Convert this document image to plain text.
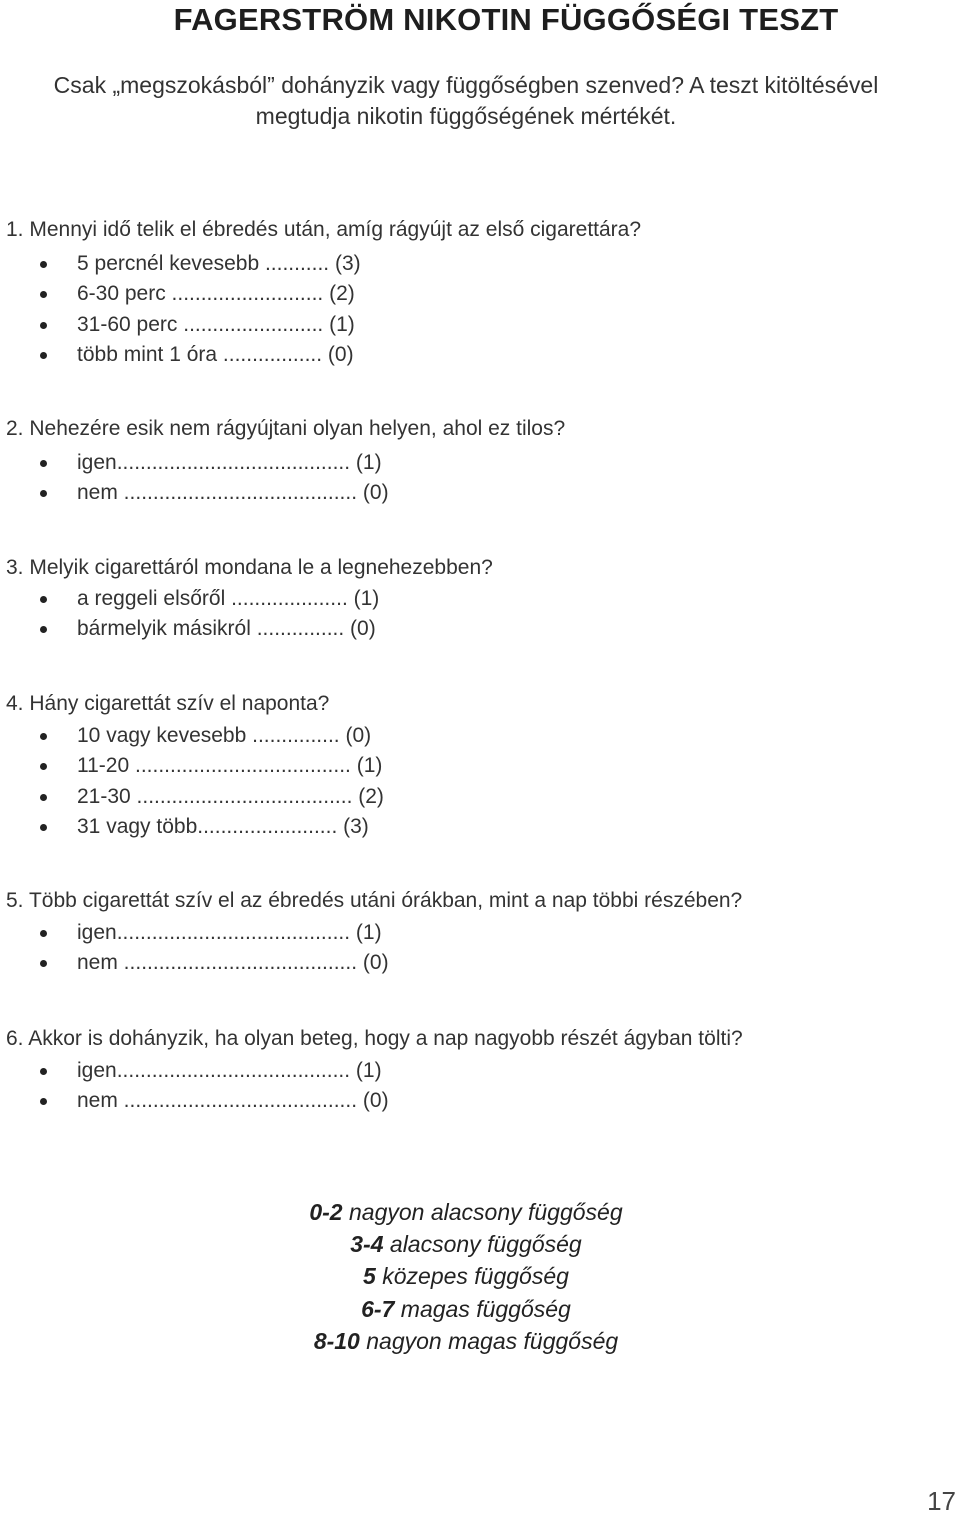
FAGERSTRÖM NIKOTIN FÜGGŐSÉGI TESZT
Csak „megszokásból” dohányzik vagy függőségben szenved? A teszt kitöltésével
megtudja nikotin függőségének mértékét.

1. Mennyi idő telik el ébredés után, amíg rágyújt az első cigarettára?

5 percnél kevesebb ........... (3)
6-30 perc .......................... (2)
31-60 perc ........................ (1)
több mint 1 óra ................. (0)

2. Nehezére esik nem rágyújtani olyan helyen, ahol ez tilos?

igen........................................ (1)
nem ........................................ (0)

3. Melyik cigarettáról mondana le a legnehezebben?

a reggeli elsőről .................... (1)
bármelyik másikról ............... (0)

4. Hány cigarettát szív el naponta?

10 vagy kevesebb ............... (0)
11-20 ..................................... (1)
21-30 ..................................... (2)
31 vagy több........................ (3)

5. Több cigarettát szív el az ébredés utáni órákban, mint a nap többi részében?

igen........................................ (1)
nem ........................................ (0)

6. Akkor is dohányzik, ha olyan beteg, hogy a nap nagyobb részét ágyban tölti?

igen........................................ (1)
nem ........................................ (0)
0-2 nagyon alacsony függőség
3-4 alacsony függőség
5 közepes függőség
6-7 magas függőség
8-10 nagyon magas függőség
17
